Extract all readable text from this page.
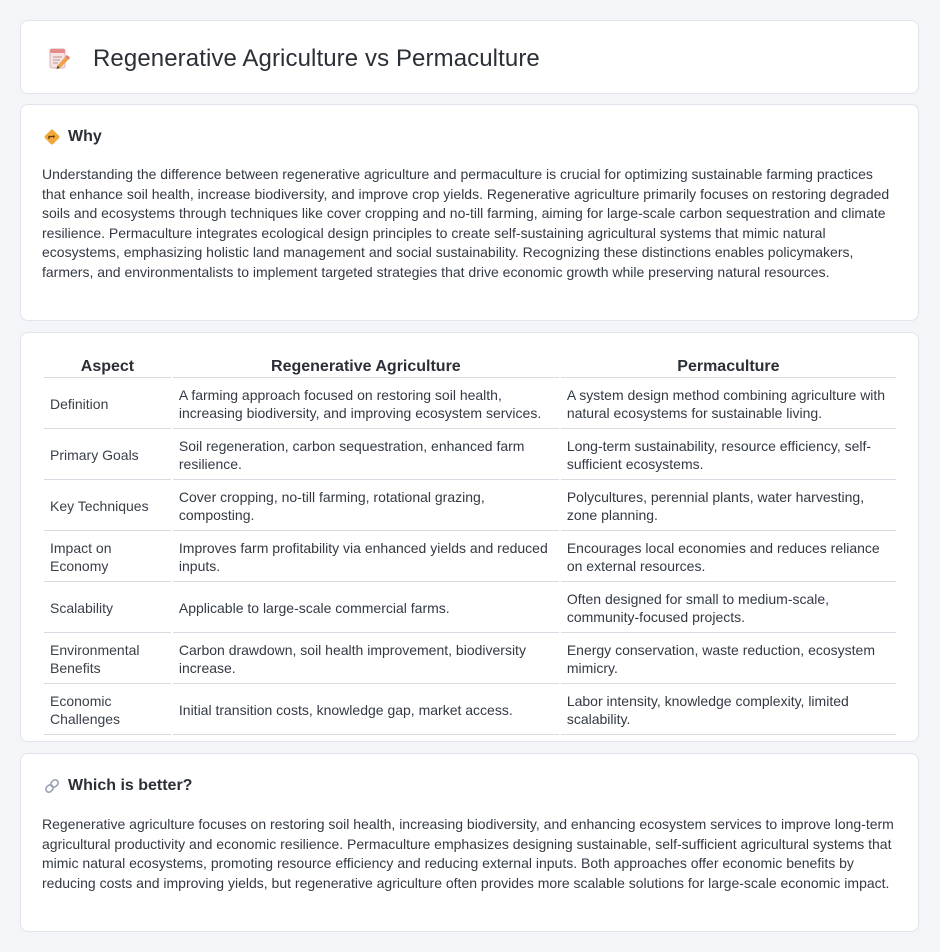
Regenerative Agriculture vs Permaculture
Why

Understanding the difference between regenerative agriculture and permaculture is crucial for optimizing sustainable farming practices that enhance soil health, increase biodiversity, and improve crop yields. Regenerative agriculture primarily focuses on restoring degraded soils and ecosystems through techniques like cover cropping and no-till farming, aiming for large-scale carbon sequestration and climate resilience. Permaculture integrates ecological design principles to create self-sustaining agricultural systems that mimic natural ecosystems, emphasizing holistic land management and social sustainability. Recognizing these distinctions enables policymakers, farmers, and environmentalists to implement targeted strategies that drive economic growth while preserving natural resources.

Aspect	Regenerative Agriculture	Permaculture
Definition	A farming approach focused on restoring soil health, increasing biodiversity, and improving ecosystem services.	A system design method combining agriculture with natural ecosystems for sustainable living.
Primary Goals	Soil regeneration, carbon sequestration, enhanced farm resilience.	Long-term sustainability, resource efficiency, self-sufficient ecosystems.
Key Techniques	Cover cropping, no-till farming, rotational grazing, composting.	Polycultures, perennial plants, water harvesting, zone planning.
Impact on Economy	Improves farm profitability via enhanced yields and reduced inputs.	Encourages local economies and reduces reliance on external resources.
Scalability	Applicable to large-scale commercial farms.	Often designed for small to medium-scale, community-focused projects.
Environmental Benefits	Carbon drawdown, soil health improvement, biodiversity increase.	Energy conservation, waste reduction, ecosystem mimicry.
Economic Challenges	Initial transition costs, knowledge gap, market access.	Labor intensity, knowledge complexity, limited scalability.
Which is better?

Regenerative agriculture focuses on restoring soil health, increasing biodiversity, and enhancing ecosystem services to improve long-term agricultural productivity and economic resilience. Permaculture emphasizes designing sustainable, self-sufficient agricultural systems that mimic natural ecosystems, promoting resource efficiency and reducing external inputs. Both approaches offer economic benefits by reducing costs and improving yields, but regenerative agriculture often provides more scalable solutions for large-scale economic impact.
